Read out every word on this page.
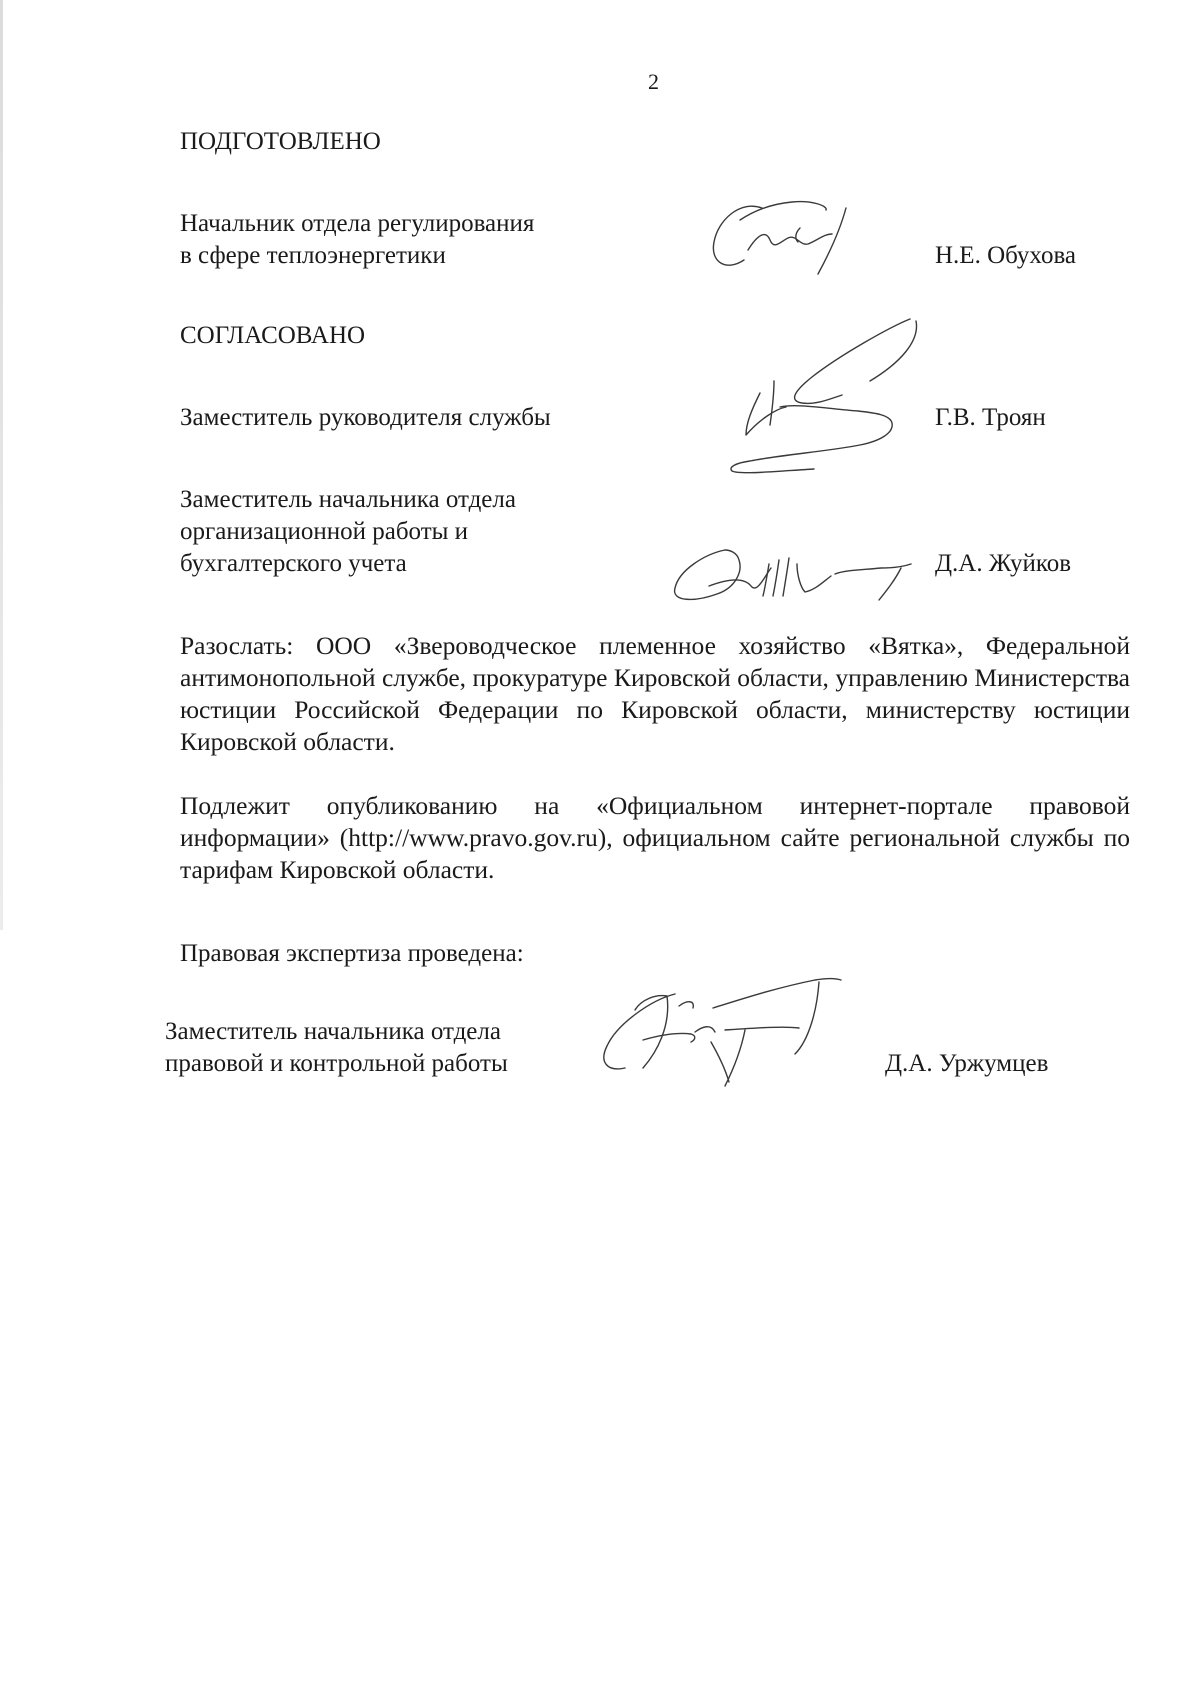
2
ПОДГОТОВЛЕНО
Начальник отдела регулирования
в сфере теплоэнергетики	Н.Е. Обухова
СОГЛАСОВАНО
Заместитель руководителя службы	Г.В. Троян
Заместитель начальника отдела
организационной работы и
бухгалтерского учета	Д.А. Жуйков
Разослать: ООО «Звероводческое племенное хозяйство «Вятка», Федеральной антимонопольной службе, прокуратуре Кировской области, управлению Министерства юстиции Российской Федерации по Кировской области, министерству юстиции Кировской области.
Подлежит опубликованию на «Официальном интернет-портале правовой информации» (http://www.pravo.gov.ru), официальном сайте региональной службы по тарифам Кировской области.
Правовая экспертиза проведена:
Заместитель начальника отдела
правовой и контрольной работы	Д.А. Уржумцев
